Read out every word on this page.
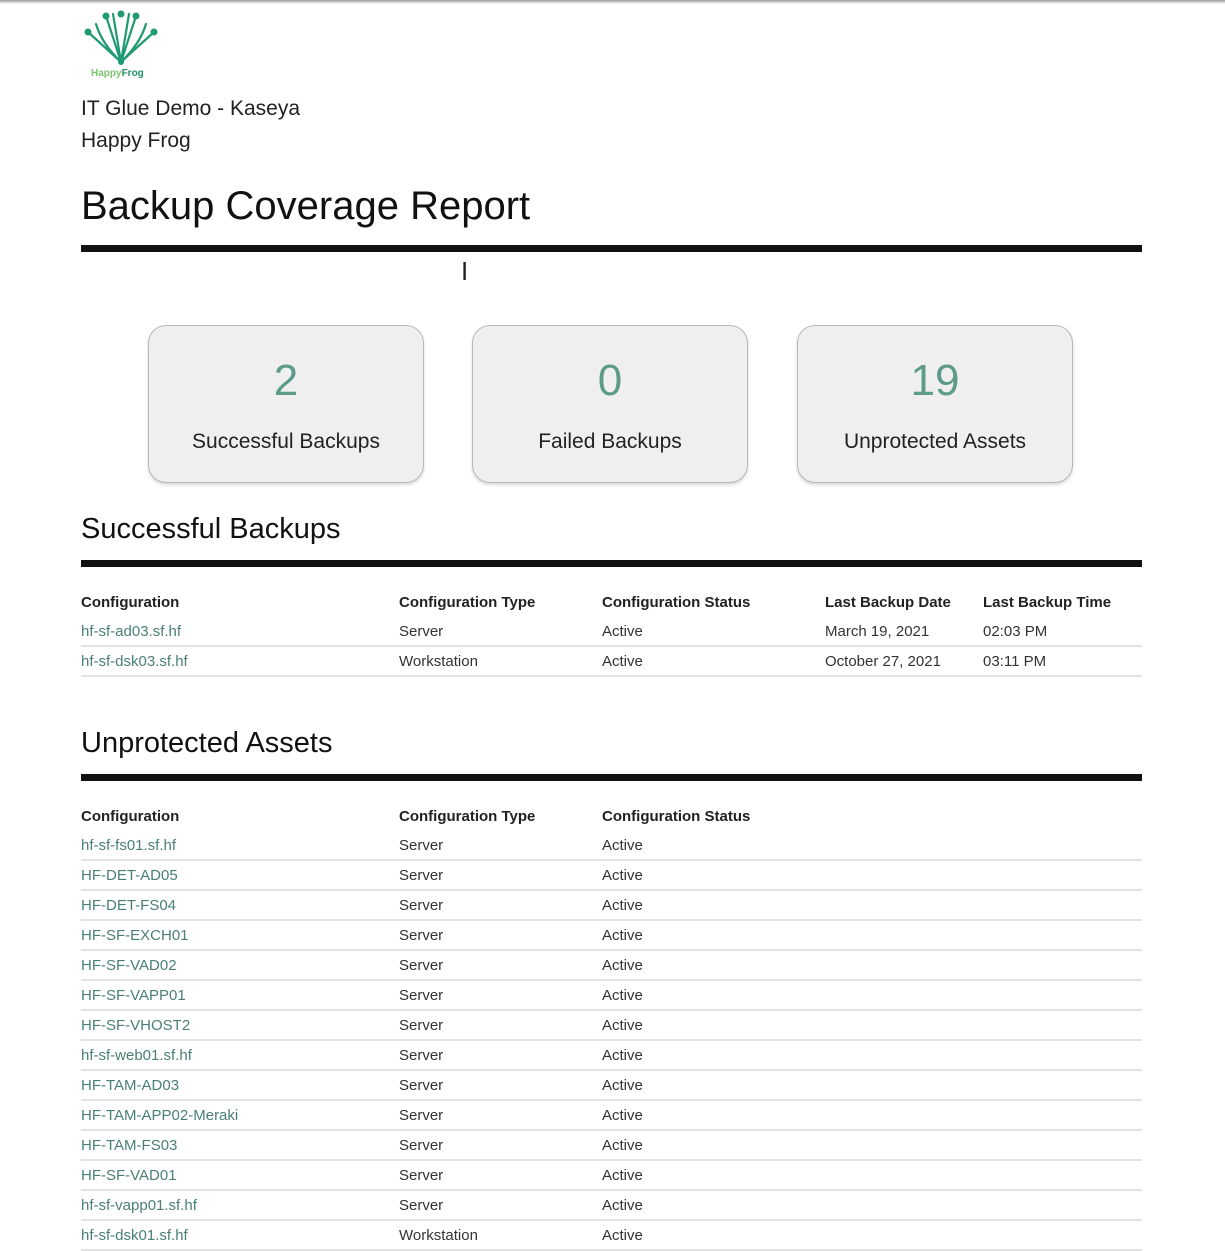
HappyFrog
IT Glue Demo - Kaseya
Happy Frog
Backup Coverage Report
I
2
Successful Backups
0
Failed Backups
19
Unprotected Assets
Successful Backups
Configuration	Configuration Type	Configuration Status	Last Backup Date	Last Backup Time
hf-sf-ad03.sf.hf	Server	Active	March 19, 2021	02:03 PM
hf-sf-dsk03.sf.hf	Workstation	Active	October 27, 2021	03:11 PM
Unprotected Assets
Configuration	Configuration Type	Configuration Status
hf-sf-fs01.sf.hf	Server	Active
HF-DET-AD05	Server	Active
HF-DET-FS04	Server	Active
HF-SF-EXCH01	Server	Active
HF-SF-VAD02	Server	Active
HF-SF-VAPP01	Server	Active
HF-SF-VHOST2	Server	Active
hf-sf-web01.sf.hf	Server	Active
HF-TAM-AD03	Server	Active
HF-TAM-APP02-Meraki	Server	Active
HF-TAM-FS03	Server	Active
HF-SF-VAD01	Server	Active
hf-sf-vapp01.sf.hf	Server	Active
hf-sf-dsk01.sf.hf	Workstation	Active
